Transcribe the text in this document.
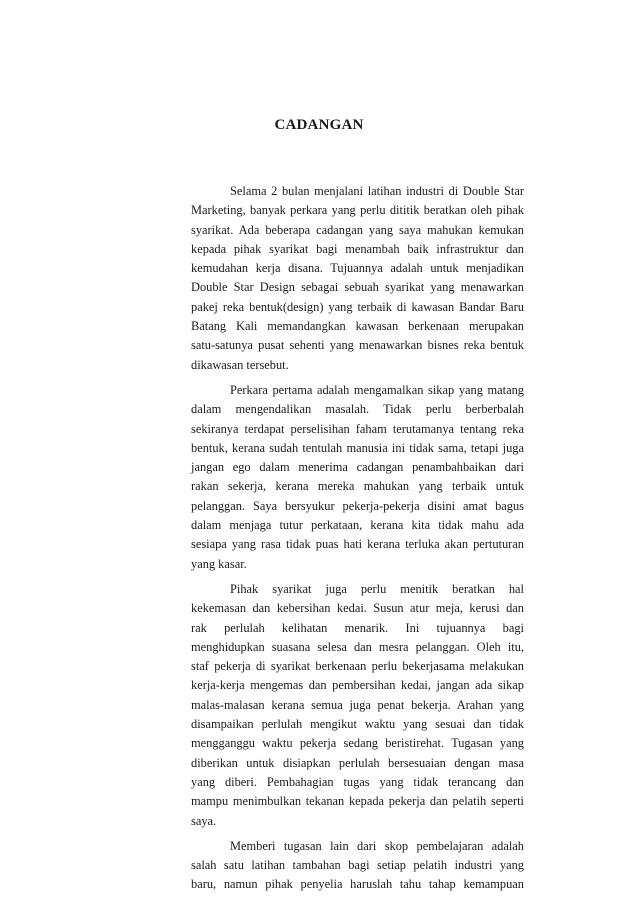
CADANGAN
Selama 2 bulan menjalani latihan industri di Double Star
Marketing, banyak perkara yang perlu dititik beratkan oleh pihak
syarikat. Ada beberapa cadangan yang saya mahukan kemukan
kepada pihak syarikat bagi menambah baik infrastruktur dan
kemudahan kerja disana. Tujuannya adalah untuk menjadikan
Double Star Design sebagai sebuah syarikat yang menawarkan
pakej reka bentuk(design) yang terbaik di kawasan Bandar Baru
Batang Kali memandangkan kawasan berkenaan merupakan
satu-satunya pusat sehenti yang menawarkan bisnes reka bentuk
dikawasan tersebut.
Perkara pertama adalah mengamalkan sikap yang matang
dalam mengendalikan masalah. Tidak perlu berberbalah
sekiranya terdapat perselisihan faham terutamanya tentang reka
bentuk, kerana sudah tentulah manusia ini tidak sama, tetapi juga
jangan ego dalam menerima cadangan penambahbaikan dari
rakan sekerja, kerana mereka mahukan yang terbaik untuk
pelanggan. Saya bersyukur pekerja-pekerja disini amat bagus
dalam menjaga tutur perkataan, kerana kita tidak mahu ada
sesiapa yang rasa tidak puas hati kerana terluka akan pertuturan
yang kasar.
Pihak syarikat juga perlu menitik beratkan hal
kekemasan dan kebersihan kedai. Susun atur meja, kerusi dan
rak perlulah kelihatan menarik. Ini tujuannya bagi
menghidupkan suasana selesa dan mesra pelanggan. Oleh itu,
staf pekerja di syarikat berkenaan perlu bekerjasama melakukan
kerja-kerja mengemas dan pembersihan kedai, jangan ada sikap
malas-malasan kerana semua juga penat bekerja. Arahan yang
disampaikan perlulah mengikut waktu yang sesuai dan tidak
mengganggu waktu pekerja sedang beristirehat. Tugasan yang
diberikan untuk disiapkan perlulah bersesuaian dengan masa
yang diberi. Pembahagian tugas yang tidak terancang dan
mampu menimbulkan tekanan kepada pekerja dan pelatih seperti
saya.
Memberi tugasan lain dari skop pembelajaran adalah
salah satu latihan tambahan bagi setiap pelatih industri yang
baru, namun pihak penyelia haruslah tahu tahap kemampuan
